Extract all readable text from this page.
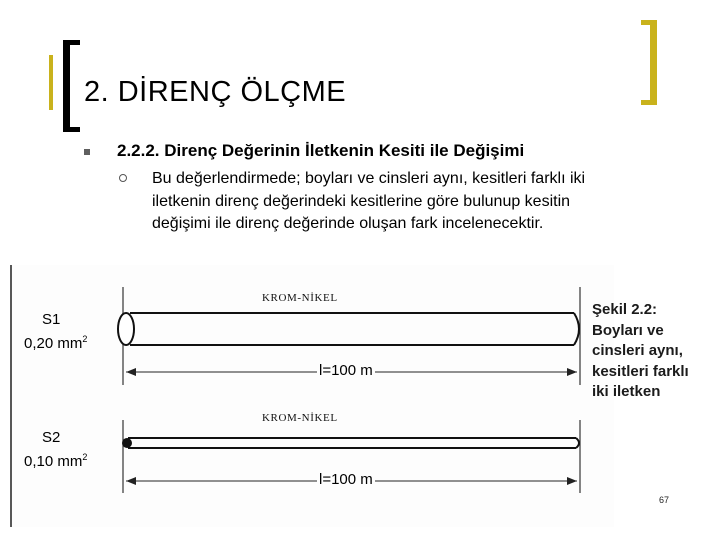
2. DİRENÇ ÖLÇME
2.2.2. Direnç Değerinin İletkenin Kesiti ile Değişimi
Bu değerlendirmede; boyları ve cinsleri aynı, kesitleri farklı iki iletkenin direnç değerindeki kesitlerine göre bulunup kesitin değişimi ile direnç değerinde oluşan fark incelenecektir.
KROM-NİKEL
S1
0,20 $mm^2$
l=100 m
KROM-NİKEL
S2
0,10 $mm^2$
l=100 m
Şekil 2.2: Boyları ve cinsleri aynı, kesitleri farklı iki iletken
67
